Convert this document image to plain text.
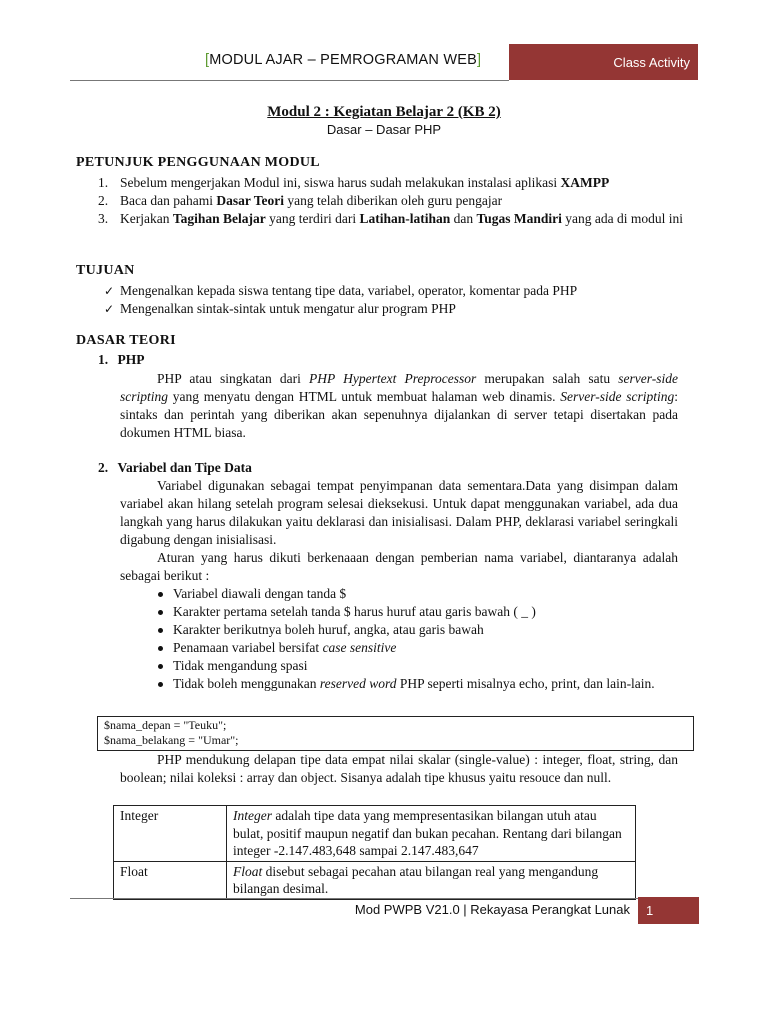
[MODUL AJAR – PEMROGRAMAN WEB]	Class Activity
Modul 2 : Kegiatan Belajar 2 (KB 2)
Dasar – Dasar PHP
PETUNJUK PENGGUNAAN MODUL
1. Sebelum mengerjakan Modul ini, siswa harus sudah melakukan instalasi aplikasi XAMPP
2. Baca dan pahami Dasar Teori yang telah diberikan oleh guru pengajar
3. Kerjakan Tagihan Belajar yang terdiri dari Latihan-latihan dan Tugas Mandiri yang ada di modul ini
TUJUAN
✓ Mengenalkan kepada siswa tentang tipe data, variabel, operator, komentar pada PHP
✓ Mengenalkan sintak-sintak untuk mengatur alur program PHP
DASAR TEORI
1. PHP
PHP atau singkatan dari PHP Hypertext Preprocessor merupakan salah satu server-side scripting yang menyatu dengan HTML untuk membuat halaman web dinamis. Server-side scripting: sintaks dan perintah yang diberikan akan sepenuhnya dijalankan di server tetapi disertakan pada dokumen HTML biasa.
2. Variabel dan Tipe Data
Variabel digunakan sebagai tempat penyimpanan data sementara.Data yang disimpan dalam variabel akan hilang setelah program selesai dieksekusi. Untuk dapat menggunakan variabel, ada dua langkah yang harus dilakukan yaitu deklarasi dan inisialisasi. Dalam PHP, deklarasi variabel seringkali digabung dengan inisialisasi.
Aturan yang harus dikuti berkenaaan dengan pemberian nama variabel, diantaranya adalah sebagai berikut :
Variabel diawali dengan tanda $
Karakter pertama setelah tanda $ harus huruf atau garis bawah ( _ )
Karakter berikutnya boleh huruf, angka, atau garis bawah
Penamaan variabel bersifat case sensitive
Tidak mengandung spasi
Tidak boleh menggunakan reserved word PHP seperti misalnya echo, print, dan lain-lain.
$nama_depan = "Teuku";
$nama_belakang = "Umar";
PHP mendukung delapan tipe data empat nilai skalar (single-value) : integer, float, string, dan boolean; nilai koleksi : array dan object. Sisanya adalah tipe khusus yaitu resouce dan null.
Integer	Integer adalah tipe data yang mempresentasikan bilangan utuh atau bulat, positif maupun negatif dan bukan pecahan. Rentang dari bilangan integer -2.147.483,648 sampai 2.147.483,647
Float	Float disebut sebagai pecahan atau bilangan real yang mengandung bilangan desimal.
Mod PWPB V21.0 | Rekayasa Perangkat Lunak	1
